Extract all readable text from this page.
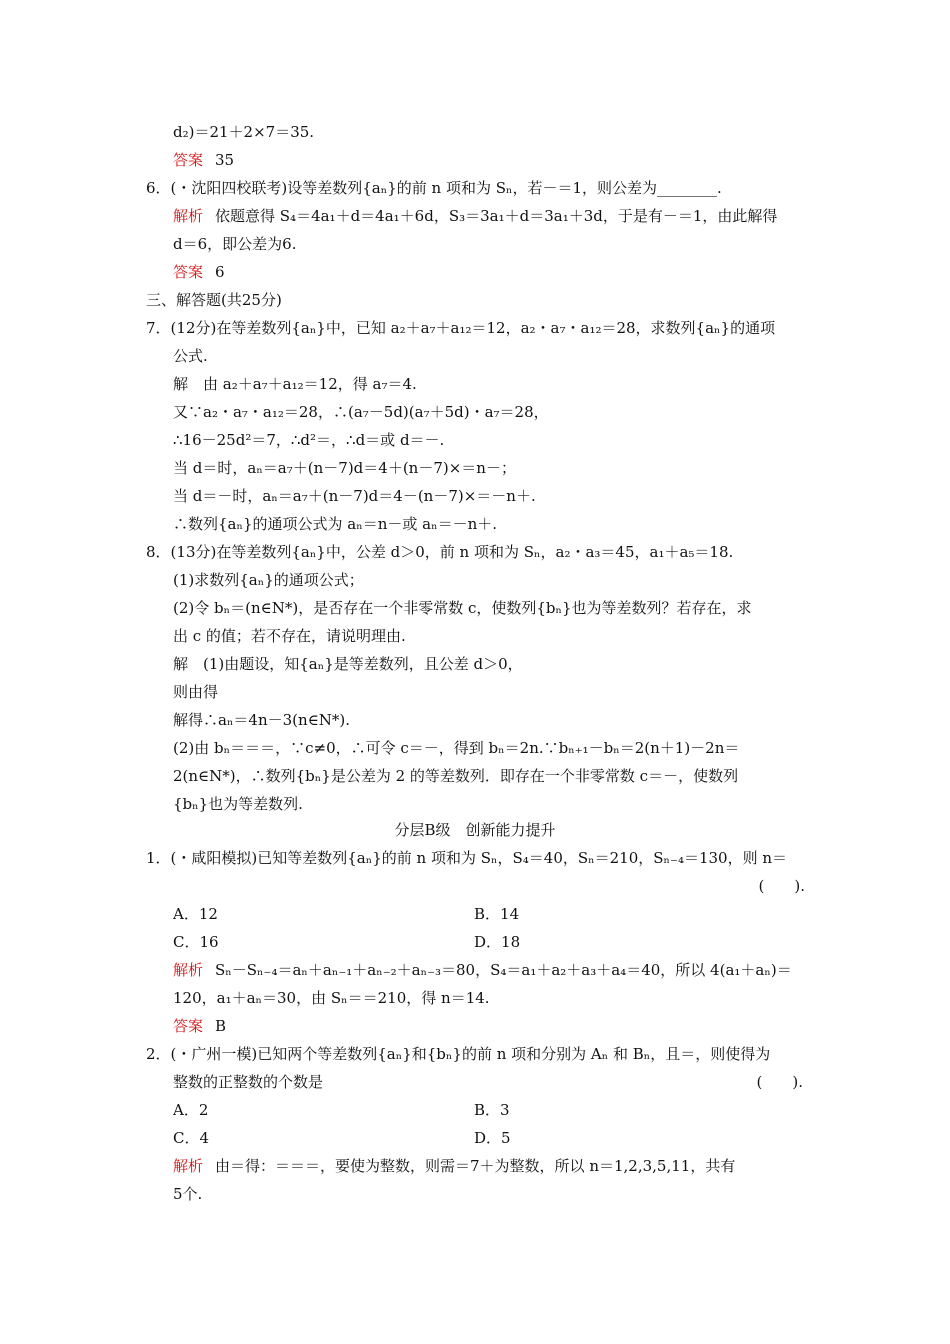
d₂)＝21＋2×7＝35.
答案 35
6．(・沈阳四校联考)设等差数列{aₙ}的前 n 项和为 Sₙ，若－＝1，则公差为________.
解析 依题意得 S₄＝4a₁＋d＝4a₁＋6d，S₃＝3a₁＋d＝3a₁＋3d，于是有－＝1，由此解得
d＝6，即公差为6.
答案 6
三、解答题(共25分)
7．(12分)在等差数列{aₙ}中，已知 a₂＋a₇＋a₁₂＝12，a₂・a₇・a₁₂＝28，求数列{aₙ}的通项
公式.
解　由 a₂＋a₇＋a₁₂＝12，得 a₇＝4.
又∵a₂・a₇・a₁₂＝28，∴(a₇－5d)(a₇＋5d)・a₇＝28，
∴16－25d²＝7，∴d²＝，∴d＝或 d＝－.
当 d＝时，aₙ＝a₇＋(n－7)d＝4＋(n－7)×＝n－；
当 d＝－时，aₙ＝a₇＋(n－7)d＝4－(n－7)×＝－n＋.
∴数列{aₙ}的通项公式为 aₙ＝n－或 aₙ＝－n＋.
8．(13分)在等差数列{aₙ}中，公差 d＞0，前 n 项和为 Sₙ，a₂・a₃＝45，a₁＋a₅＝18.
(1)求数列{aₙ}的通项公式；
(2)令 bₙ＝(n∈N*)，是否存在一个非零常数 c，使数列{bₙ}也为等差数列？若存在，求
出 c 的值；若不存在，请说明理由.
解　(1)由题设，知{aₙ}是等差数列，且公差 d＞0，
则由得
解得∴aₙ＝4n－3(n∈N*).
(2)由 bₙ＝＝＝，∵c≠0，∴可令 c＝－，得到 bₙ＝2n.∵bₙ₊₁－bₙ＝2(n＋1)－2n＝
2(n∈N*)，∴数列{bₙ}是公差为 2 的等差数列．即存在一个非零常数 c＝－，使数列
{bₙ}也为等差数列.
分层B级　创新能力提升
1．(・咸阳模拟)已知等差数列{aₙ}的前 n 项和为 Sₙ，S₄＝40，Sₙ＝210，Sₙ₋₄＝130，则 n＝
(　　).
A．12	B．14
C．16	D．18
解析 Sₙ－Sₙ₋₄＝aₙ＋aₙ₋₁＋aₙ₋₂＋aₙ₋₃＝80，S₄＝a₁＋a₂＋a₃＋a₄＝40，所以 4(a₁＋aₙ)＝
120，a₁＋aₙ＝30，由 Sₙ＝＝210，得 n＝14.
答案 B
2．(・广州一模)已知两个等差数列{aₙ}和{bₙ}的前 n 项和分别为 Aₙ 和 Bₙ，且＝，则使得为
整数的正整数的个数是	(　　).
A．2	B．3
C．4	D．5
解析 由＝得：＝＝＝，要使为整数，则需＝7＋为整数，所以 n＝1,2,3,5,11，共有
5个.
